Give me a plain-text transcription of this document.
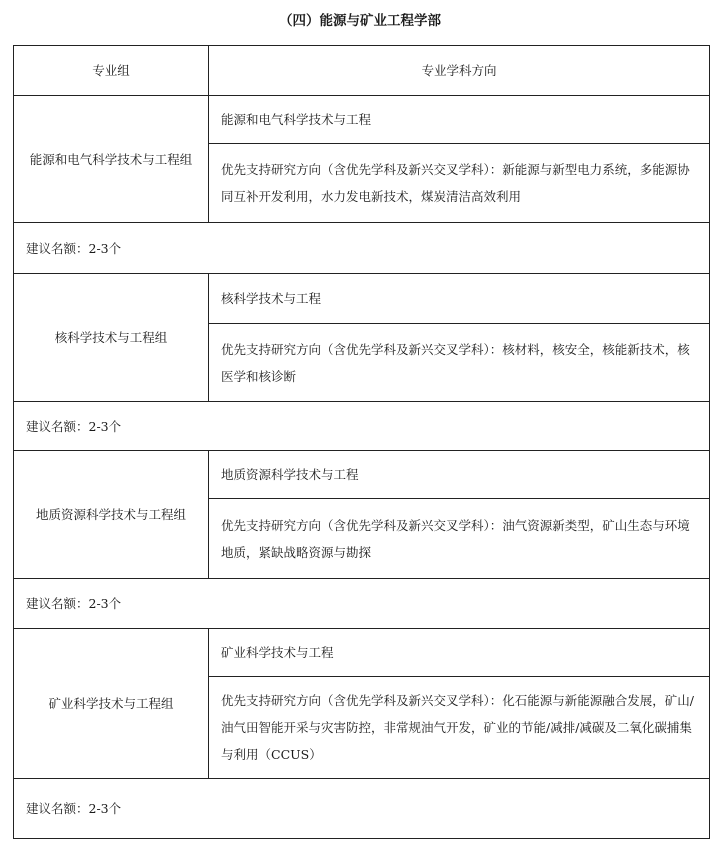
（四）能源与矿业工程学部
专业组	专业学科方向
能源和电气科学技术与工程组	能源和电气科学技术与工程
	优先支持研究方向（含优先学科及新兴交叉学科）：新能源与新型电力系统，多能源协同互补开发利用，水力发电新技术，煤炭清洁高效利用
建议名额：2-3个	
核科学技术与工程组	核科学技术与工程
	优先支持研究方向（含优先学科及新兴交叉学科）：核材料，核安全，核能新技术，核医学和核诊断
建议名额：2-3个	
地质资源科学技术与工程组	地质资源科学技术与工程
	优先支持研究方向（含优先学科及新兴交叉学科）：油气资源新类型，矿山生态与环境地质，紧缺战略资源与勘探
建议名额：2-3个	
矿业科学技术与工程组	矿业科学技术与工程
	优先支持研究方向（含优先学科及新兴交叉学科）：化石能源与新能源融合发展，矿山/油气田智能开采与灾害防控，非常规油气开发，矿业的节能/减排/减碳及二氧化碳捕集与利用（CCUS）
建议名额：2-3个	
